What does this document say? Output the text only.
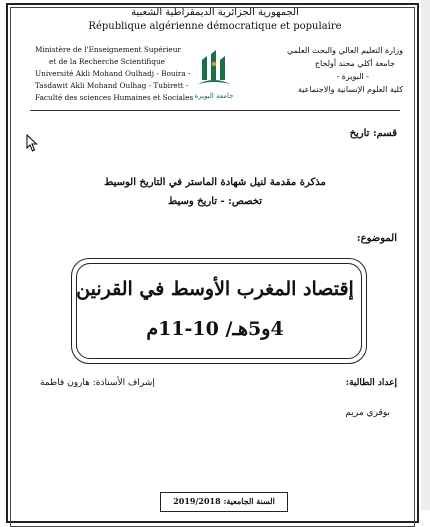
الجمهورية الجزائرية الديمقراطية الشعبية
République algérienne démocratique et populaire
Ministère de l'Enseignement Supérieur
et de la Recherche Scientifique
Université Akli Mohand Oulhadj - Bouira -
Tasdawit Akli Mohand Oulhag - Tubirett -
Faculté des sciences Humaines et Sociales
وزارة التعليم العالي والبحث العلمي
جامعة أكلي محند أولحاج
- البويرة -
كلية العلوم الإنسانية والاجتماعية
جامعة البويرة
قسم: تاريخ
مذكرة مقدمة لنيل شهادة الماستر في التاريخ الوسيط
تخصص: - تاريخ وسيط
الموضوع:
إقتصاد المغرب الأوسط في القرنين
4و5هـ/ 10-11م
إعداد الطالبة:
إشراف الأستاذة: هارون فاطمة
بوقري مريم
السنة الجامعية: 2019/2018
